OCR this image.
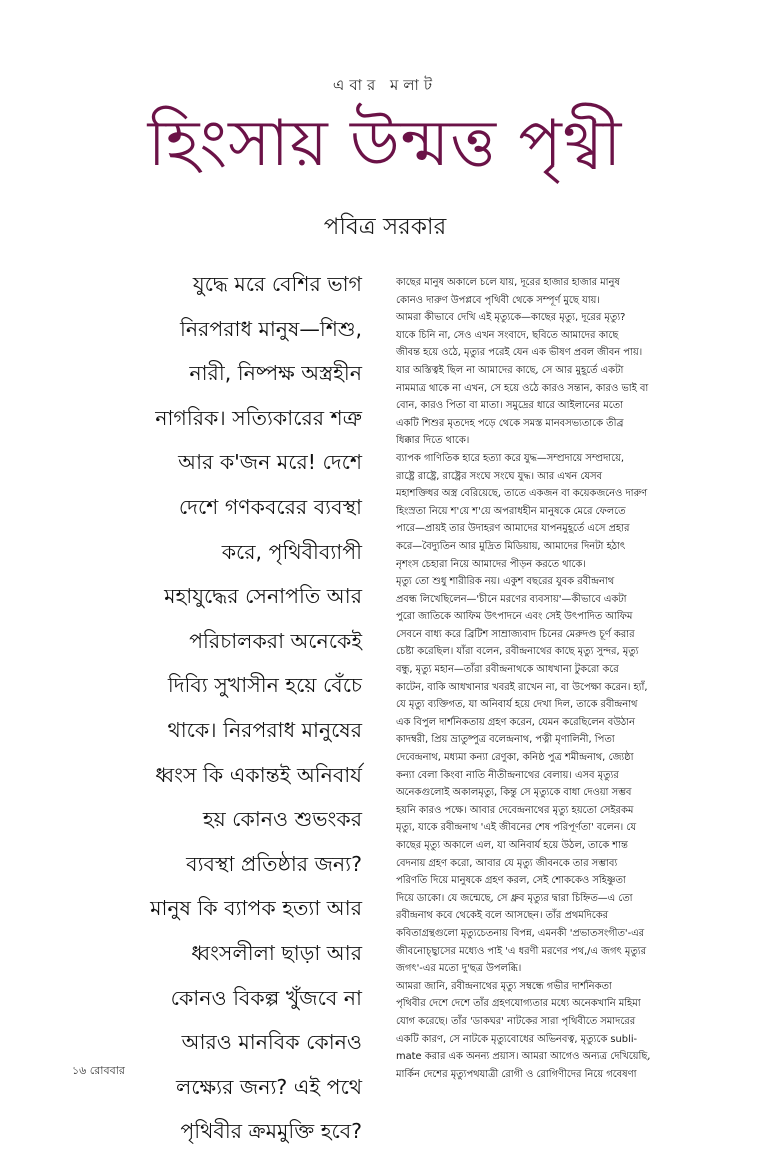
এবার মলাট
হিংসায় উন্মত্ত পৃথ্বী
পবিত্র সরকার
যুদ্ধে মরে বেশির ভাগ
নিরপরাধ মানুষ—শিশু,
নারী, নিষ্পক্ষ অস্ত্রহীন
নাগরিক। সত্যিকারের শত্রু
আর ক'জন মরে! দেশে
দেশে গণকবরের ব্যবস্থা
করে, পৃথিবীব্যাপী
মহাযুদ্ধের সেনাপতি আর
পরিচালকরা অনেকেই
দিব্যি সুখাসীন হয়ে বেঁচে
থাকে। নিরপরাধ মানুষের
ধ্বংস কি একান্তই অনিবার্য
হয় কোনও শুভংকর
ব্যবস্থা প্রতিষ্ঠার জন্য?
মানুষ কি ব্যাপক হত্যা আর
ধ্বংসলীলা ছাড়া আর
কোনও বিকল্প খুঁজবে না
আরও মানবিক কোনও
লক্ষ্যের জন্য? এই পথে
পৃথিবীর ক্রমমুক্তি হবে?
কাছের মানুষ অকালে চলে যায়, দূরের হাজার হাজার মানুষ
কোনও দারুণ উপপ্লবে পৃথিবী থেকে সম্পূর্ণ মুছে যায়।
আমরা কীভাবে দেখি এই মৃত্যুকে—কাছের মৃত্যু, দূরের মৃত্যু?
যাকে চিনি না, সেও এখন সংবাদে, ছবিতে আমাদের কাছে
জীবন্ত হয়ে ওঠে, মৃত্যুর পরেই যেন এক ভীষণ প্রবল জীবন পায়।
যার অস্তিত্বই ছিল না আমাদের কাছে, সে আর মুহূর্তে একটা
নামমাত্র থাকে না এখন, সে হয়ে ওঠে কারও সন্তান, কারও ভাই বা
বোন, কারও পিতা বা মাতা। সমুদ্রের ধারে আইলানের মতো
একটি শিশুর মৃতদেহ পড়ে থেকে সমস্ত মানবসভ্যতাকে তীব্র
ধিক্কার দিতে থাকে।
ব্যাপক গাণিতিক হারে হত্যা করে যুদ্ধ—সম্প্রদায়ে সম্প্রদায়ে,
রাষ্ট্রে রাষ্ট্রে, রাষ্ট্রের সংঘে সংঘে যুদ্ধ। আর এখন যেসব
মহাশক্তিধর অস্ত্র বেরিয়েছে, তাতে একজন বা কয়েকজনেও দারুণ
হিংস্রতা নিয়ে শ'য়ে শ'য়ে অপরাধহীন মানুষকে মেরে ফেলতে
পারে—প্রায়ই তার উদাহরণ আমাদের যাপনমুহূর্তে এসে প্রহার
করে—বৈদ্যুতিন আর মুদ্রিত মিডিয়ায়, আমাদের দিনটা হঠাৎ
নৃশংস চেহারা নিয়ে আমাদের পীড়ন করতে থাকে।
মৃত্যু তো শুধু শারীরিক নয়। একুশ বছরের যুবক রবীন্দ্রনাথ
প্রবন্ধ লিখেছিলেন—'চীনে মরণের ব্যবসায়'—কীভাবে একটা
পুরো জাতিকে আফিম উৎপাদনে এবং সেই উৎপাদিত আফিম
সেবনে বাধ্য করে ব্রিটিশ সাম্রাজ্যবাদ চিনের মেরুদণ্ড চূর্ণ করার
চেষ্টা করেছিল। যাঁরা বলেন, রবীন্দ্রনাথের কাছে মৃত্যু সুন্দর, মৃত্যু
বন্ধু, মৃত্যু মহান—তাঁরা রবীন্দ্রনাথকে আধখানা টুকরো করে
কাটেন, বাকি আধখানার খবরই রাখেন না, বা উপেক্ষা করেন। হ্যাঁ,
যে মৃত্যু ব্যক্তিগত, যা অনিবার্য হয়ে দেখা দিল, তাকে রবীন্দ্রনাথ
এক বিপুল দার্শনিকতায় গ্রহণ করেন, যেমন করেছিলেন বউঠান
কাদম্বরী, প্রিয় ভ্রাতুষ্পুত্র বলেন্দ্রনাথ, পত্নী মৃণালিনী, পিতা
দেবেন্দ্রনাথ, মধ্যমা কন্যা রেণুকা, কনিষ্ঠ পুত্র শমীন্দ্রনাথ, জ্যেষ্ঠা
কন্যা বেলা কিংবা নাতি নীতীন্দ্রনাথের বেলায়। এসব মৃত্যুর
অনেকগুলোই অকালমৃত্যু, কিন্তু সে মৃত্যুকে বাধা দেওয়া সম্ভব
হয়নি কারও পক্ষে। আবার দেবেন্দ্রনাথের মৃত্যু হয়তো সেইরকম
মৃত্যু, যাকে রবীন্দ্রনাথ 'এই জীবনের শেষ পরিপূর্ণতা' বলেন। যে
কাছের মৃত্যু অকালে এল, যা অনিবার্য হয়ে উঠল, তাকে শান্ত
বেদনায় গ্রহণ করো, আবার যে মৃত্যু জীবনকে তার সম্ভাব্য
পরিণতি দিয়ে মানুষকে গ্রহণ করল, সেই শোককেও সহিষ্ণুতা
দিয়ে ডাকো। যে জন্মেছে, সে ধ্রুব মৃত্যুর দ্বারা চিহ্নিত—এ তো
রবীন্দ্রনাথ কবে থেকেই বলে আসছেন। তাঁর প্রথমদিকের
কবিতাগ্রন্থগুলো মৃত্যুচেতনায় বিপন্ন, এমনকী 'প্রভাতসংগীত'-এর
জীবনোচ্ছ্বাসের মধ্যেও পাই 'এ ধরণী মরণের পথ,/এ জগৎ মৃত্যুর
জগৎ'-এর মতো দু'ছত্র উপলব্ধি।
আমরা জানি, রবীন্দ্রনাথের মৃত্যু সম্বন্ধে গভীর দার্শনিকতা
পৃথিবীর দেশে দেশে তাঁর গ্রহণযোগ্যতার মধ্যে অনেকখানি মহিমা
যোগ করেছে। তাঁর 'ডাকঘর' নাটকের সারা পৃথিবীতে সমাদরের
একটি কারণ, সে নাটকে মৃত্যুবোধের অভিনবত্ব, মৃত্যুকে subli-
mate করার এক অনন্য প্রয়াস। আমরা আগেও অন্যত্র দেখিয়েছি,
মার্কিন দেশের মৃত্যুপথযাত্রী রোগী ও রোগিণীদের নিয়ে গবেষণা
১৬ রোববার
